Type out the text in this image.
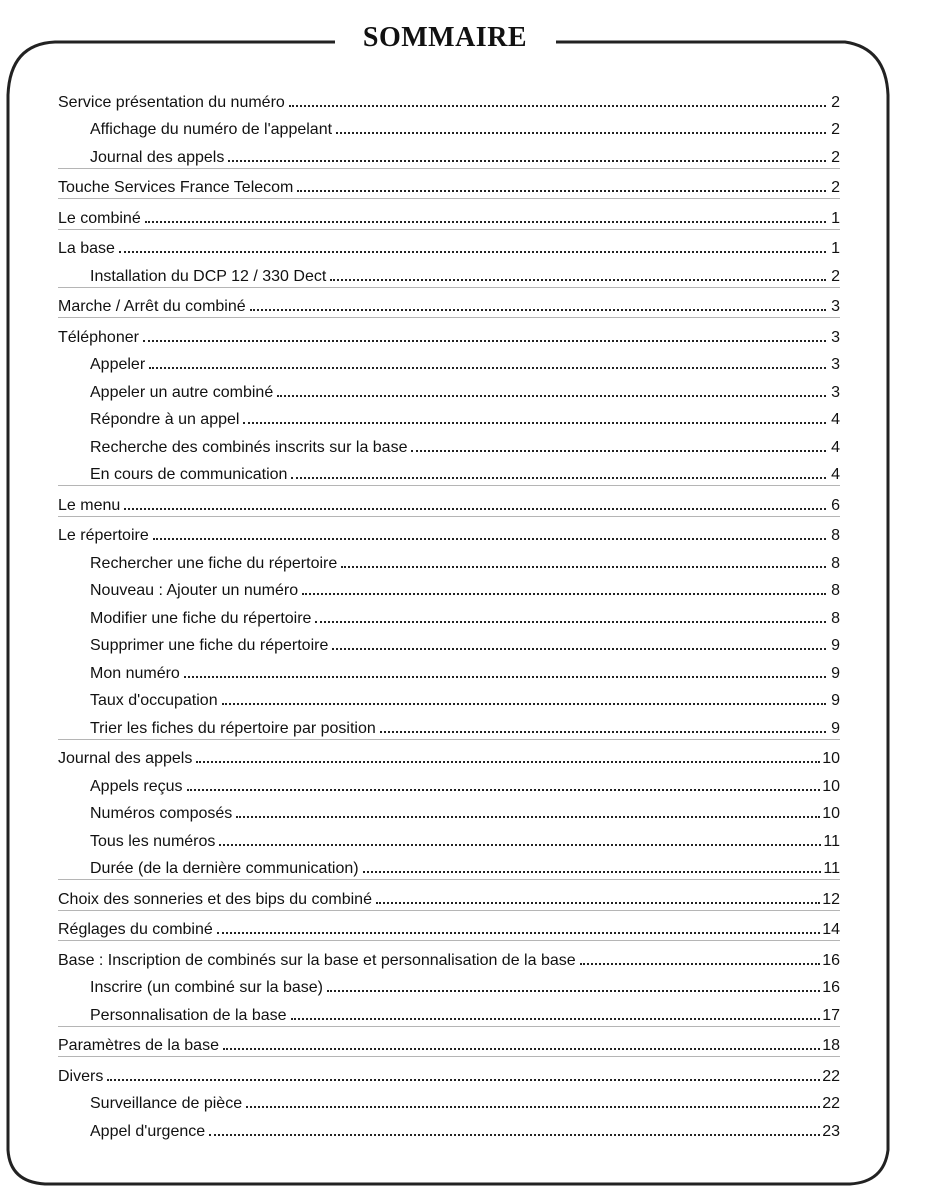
SOMMAIRE
Service présentation du numéro	2
Affichage du numéro de l'appelant	2
Journal des appels	2
Touche Services France Telecom	2
Le combiné	1
La base	1
Installation du DCP 12 / 330 Dect	2
Marche / Arrêt du combiné	3
Téléphoner	3
Appeler	3
Appeler un autre combiné	3
Répondre à un appel	4
Recherche des combinés inscrits sur la base	4
En cours de communication	4
Le menu	6
Le répertoire	8
Rechercher une fiche du répertoire	8
Nouveau : Ajouter un numéro	8
Modifier une fiche du répertoire	8
Supprimer une fiche du répertoire	9
Mon numéro	9
Taux d'occupation	9
Trier les fiches du répertoire par position	9
Journal des appels	10
Appels reçus	10
Numéros composés	10
Tous les numéros	11
Durée (de la dernière communication)	11
Choix des sonneries et des bips du combiné	12
Réglages du combiné	14
Base : Inscription de combinés sur la base et personnalisation de la base	16
Inscrire (un combiné sur la base)	16
Personnalisation de la base	17
Paramètres de la base	18
Divers	22
Surveillance de pièce	22
Appel d'urgence	23
